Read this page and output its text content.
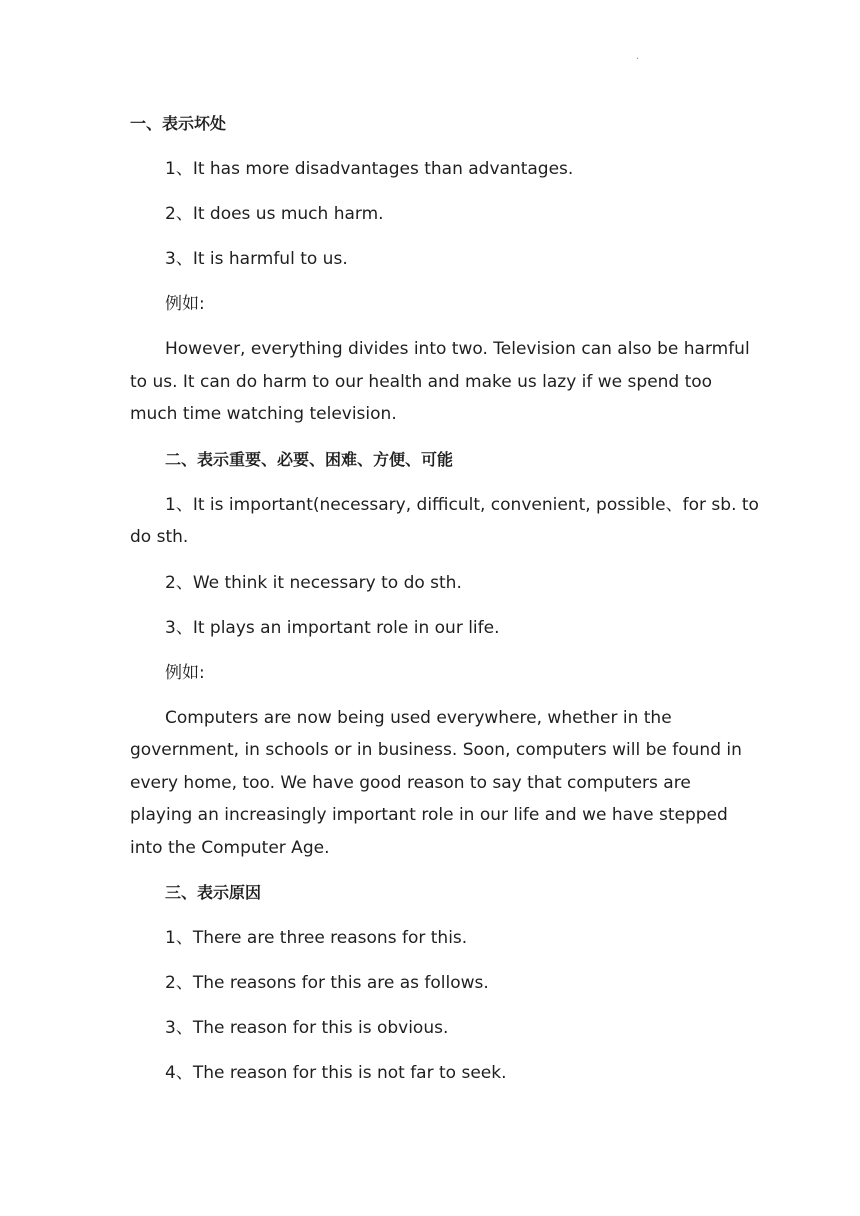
·
一、表示坏处
1、It has more disadvantages than advantages.
2、It does us much harm.
3、It is harmful to us.
例如:
However, everything divides into two. Television can also be harmful
to us. It can do harm to our health and make us lazy if we spend too
much time watching television.
二、表示重要、必要、困难、方便、可能
1、It is important(necessary, difficult, convenient, possible、for sb. to
do sth.
2、We think it necessary to do sth.
3、It plays an important role in our life.
例如:
Computers are now being used everywhere, whether in the
government, in schools or in business. Soon, computers will be found in
every home, too. We have good reason to say that computers are
playing an increasingly important role in our life and we have stepped
into the Computer Age.
三、表示原因
1、There are three reasons for this.
2、The reasons for this are as follows.
3、The reason for this is obvious.
4、The reason for this is not far to seek.
